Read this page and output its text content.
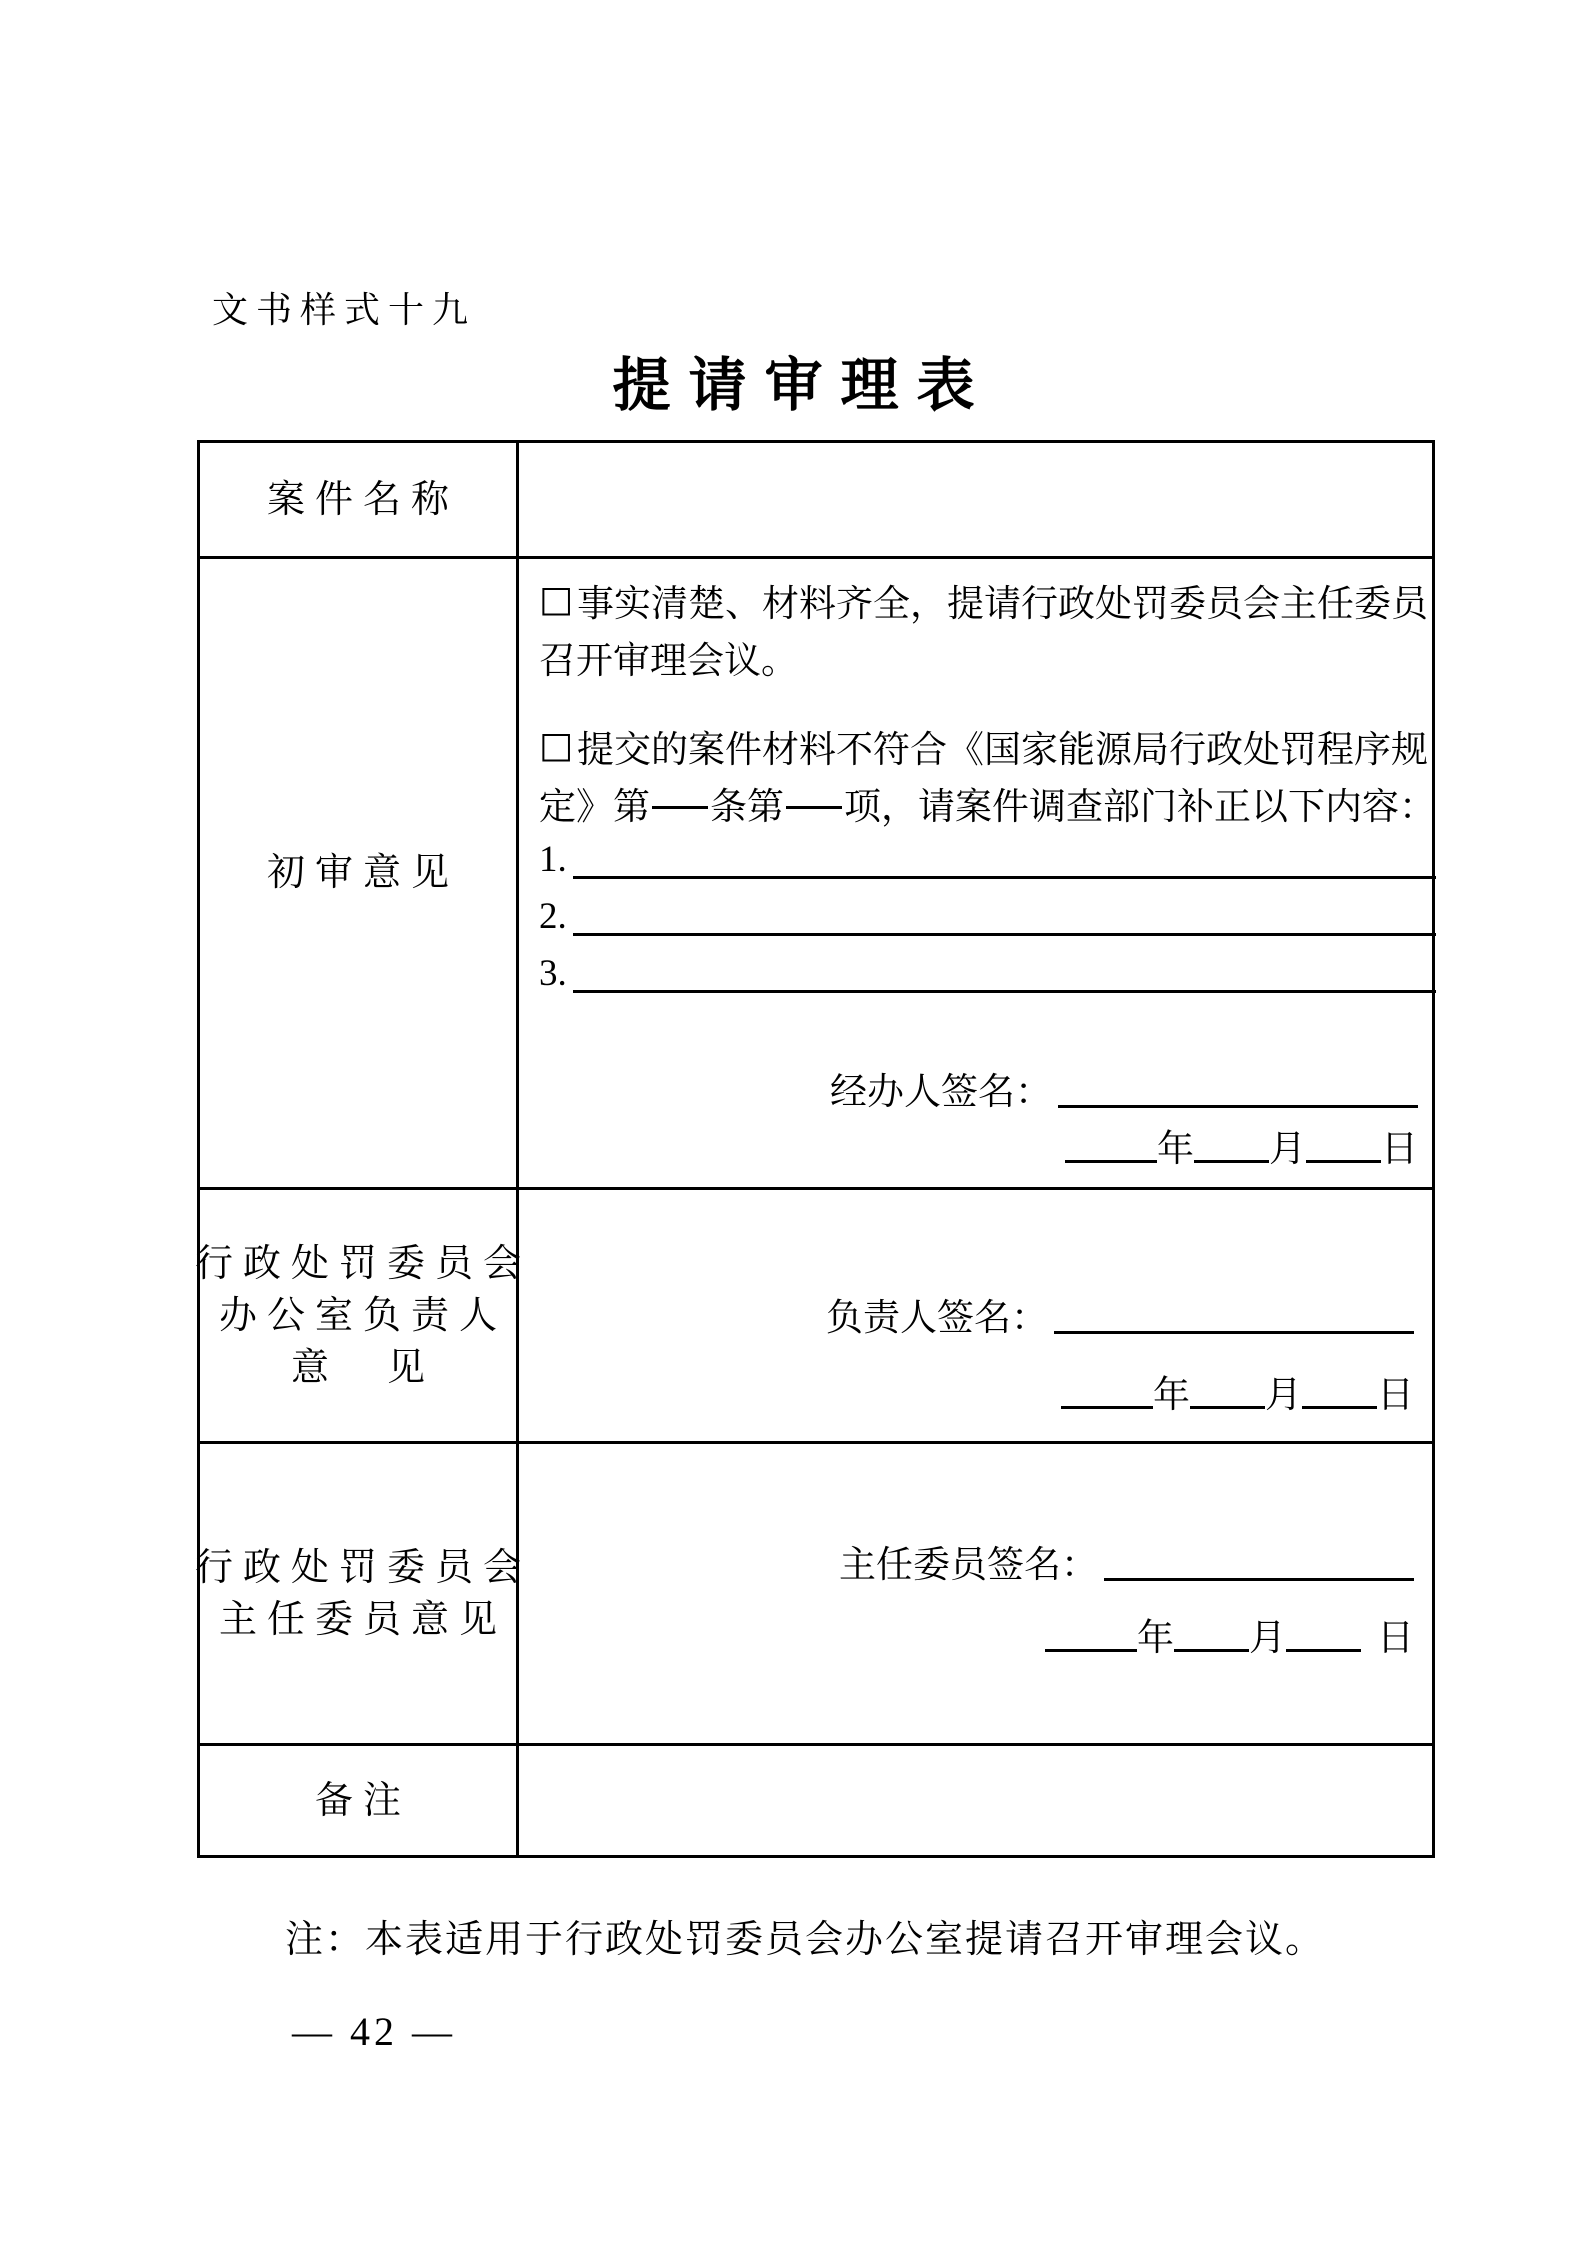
文书样式十九
提请审理表
案件名称
初审意见
□ 事实清楚、材料齐全，提请行政处罚委员会主任委员
召开审理会议。
□ 提交的案件材料不符合《国家能源局行政处罚程序规
定》第 条第 项，请案件调查部门补正以下内容：
1.
2.
3.
经办人签名：
年 月 日
行政处罚委员会
办公室负责人
意　见
负责人签名：
年 月 日
行政处罚委员会
主任委员意见
主任委员签名：
年 月 日
备注
注：本表适用于行政处罚委员会办公室提请召开审理会议。
— 42 —
